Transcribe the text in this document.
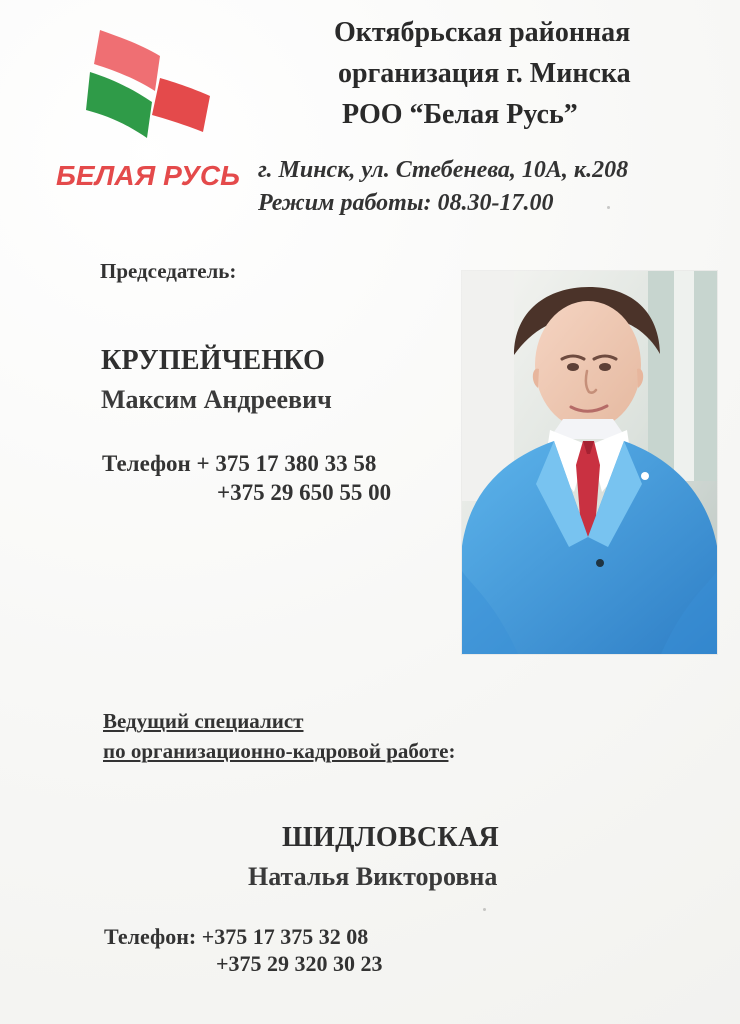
БЕЛАЯ РУСЬ
Октябрьская районная
организация г. Минска
РОО “Белая Русь”
г. Минск, ул. Стебенева, 10А, к.208
Режим работы: 08.30-17.00
Председатель:
КРУПЕЙЧЕНКО
Максим Андреевич
Телефон + 375 17 380 33 58
+375 29 650 55 00
Ведущий специалист
по организационно-кадровой работе:
ШИДЛОВСКАЯ
Наталья Викторовна
Телефон: +375 17 375 32 08
+375 29 320 30 23
